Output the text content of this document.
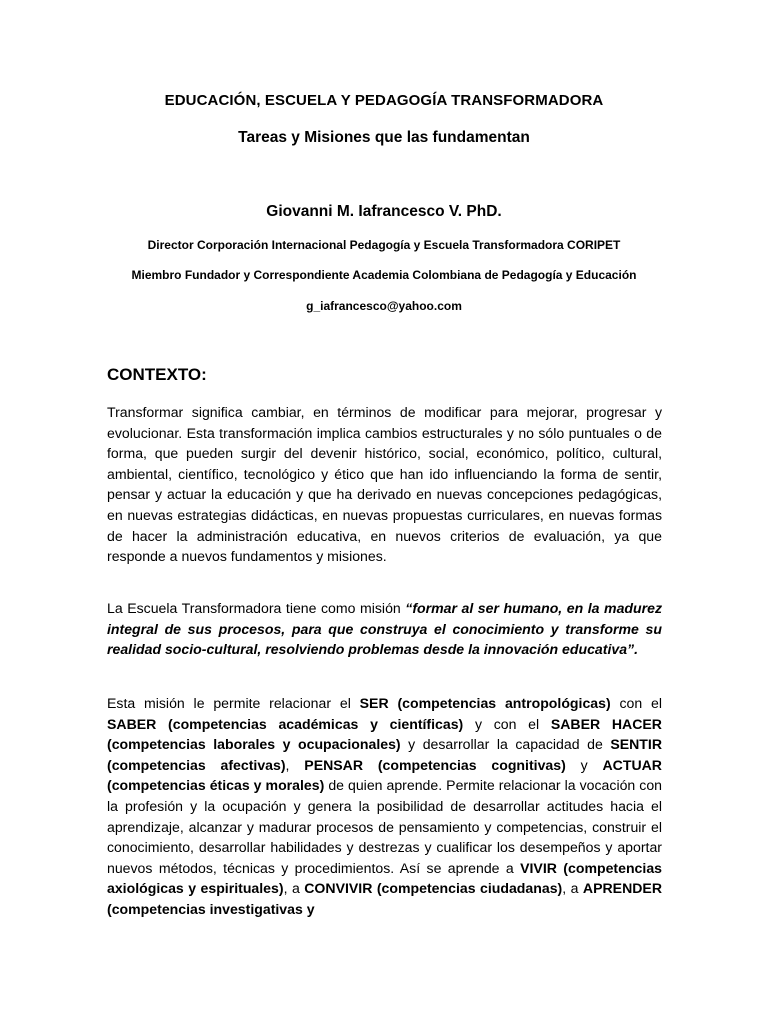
EDUCACIÓN, ESCUELA Y PEDAGOGÍA TRANSFORMADORA

Tareas y Misiones que las fundamentan

Giovanni M. Iafrancesco V. PhD.

Director Corporación Internacional Pedagogía y Escuela Transformadora CORIPET

Miembro Fundador y Correspondiente Academia Colombiana de Pedagogía y Educación

g_iafrancesco@yahoo.com

CONTEXTO:

Transformar significa cambiar, en términos de modificar para mejorar, progresar y evolucionar. Esta transformación implica cambios estructurales y no sólo puntuales o de forma, que pueden surgir del devenir histórico, social, económico, político, cultural, ambiental, científico, tecnológico y ético que han ido influenciando la forma de sentir, pensar y actuar la educación y que ha derivado en nuevas concepciones pedagógicas, en nuevas estrategias didácticas, en nuevas propuestas curriculares, en nuevas formas de hacer la administración educativa, en nuevos criterios de evaluación, ya que responde a nuevos fundamentos y misiones.

La Escuela Transformadora tiene como misión “formar al ser humano, en la madurez integral de sus procesos, para que construya el conocimiento y transforme su realidad socio-cultural, resolviendo problemas desde la innovación educativa”.

Esta misión le permite relacionar el SER (competencias antropológicas) con el SABER (competencias académicas y científicas) y con el SABER HACER (competencias laborales y ocupacionales) y desarrollar la capacidad de SENTIR (competencias afectivas), PENSAR (competencias cognitivas) y ACTUAR (competencias éticas y morales) de quien aprende. Permite relacionar la vocación con la profesión y la ocupación y genera la posibilidad de desarrollar actitudes hacia el aprendizaje, alcanzar y madurar procesos de pensamiento y competencias, construir el conocimiento, desarrollar habilidades y destrezas y cualificar los desempeños y aportar nuevos métodos, técnicas y procedimientos. Así se aprende a VIVIR (competencias axiológicas y espirituales), a CONVIVIR (competencias ciudadanas), a APRENDER (competencias investigativas y
